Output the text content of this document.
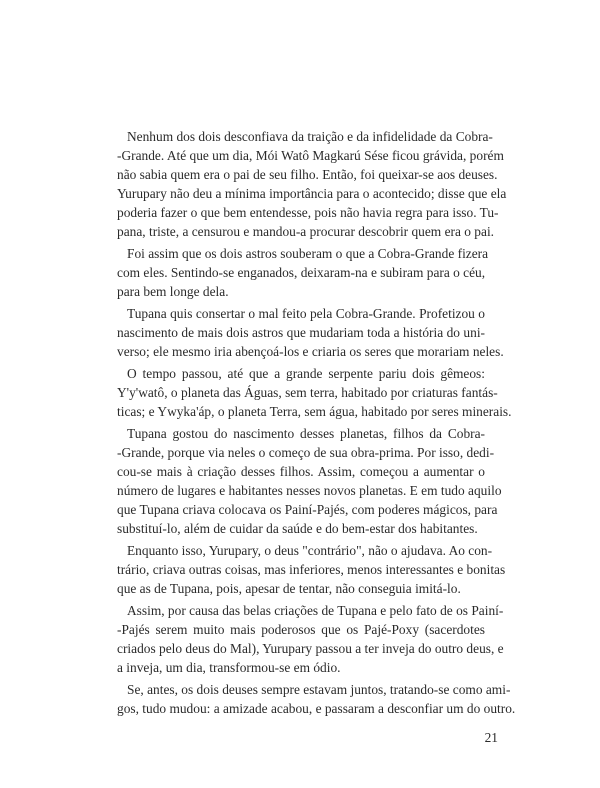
Nenhum dos dois desconfiava da traição e da infidelidade da Cobra-
-Grande. Até que um dia, Mói Watô Magkarú Sése ficou grávida, porém
não sabia quem era o pai de seu filho. Então, foi queixar-se aos deuses.
Yurupary não deu a mínima importância para o acontecido; disse que ela
poderia fazer o que bem entendesse, pois não havia regra para isso. Tu-
pana, triste, a censurou e mandou-a procurar descobrir quem era o pai.
Foi assim que os dois astros souberam o que a Cobra-Grande fizera
com eles. Sentindo-se enganados, deixaram-na e subiram para o céu,
para bem longe dela.
Tupana quis consertar o mal feito pela Cobra-Grande. Profetizou o
nascimento de mais dois astros que mudariam toda a história do uni-
verso; ele mesmo iria abençoá-los e criaria os seres que morariam neles.
O tempo passou, até que a grande serpente pariu dois gêmeos:
Y'y'watô, o planeta das Águas, sem terra, habitado por criaturas fantás-
ticas; e Ywyka'áp, o planeta Terra, sem água, habitado por seres minerais.
Tupana gostou do nascimento desses planetas, filhos da Cobra-
-Grande, porque via neles o começo de sua obra-prima. Por isso, dedi-
cou-se mais à criação desses filhos. Assim, começou a aumentar o
número de lugares e habitantes nesses novos planetas. E em tudo aquilo
que Tupana criava colocava os Painí-Pajés, com poderes mágicos, para
substituí-lo, além de cuidar da saúde e do bem-estar dos habitantes.
Enquanto isso, Yurupary, o deus "contrário", não o ajudava. Ao con-
trário, criava outras coisas, mas inferiores, menos interessantes e bonitas
que as de Tupana, pois, apesar de tentar, não conseguia imitá-lo.
Assim, por causa das belas criações de Tupana e pelo fato de os Painí-
-Pajés serem muito mais poderosos que os Pajé-Poxy (sacerdotes
criados pelo deus do Mal), Yurupary passou a ter inveja do outro deus, e
a inveja, um dia, transformou-se em ódio.
Se, antes, os dois deuses sempre estavam juntos, tratando-se como ami-
gos, tudo mudou: a amizade acabou, e passaram a desconfiar um do outro.
21
